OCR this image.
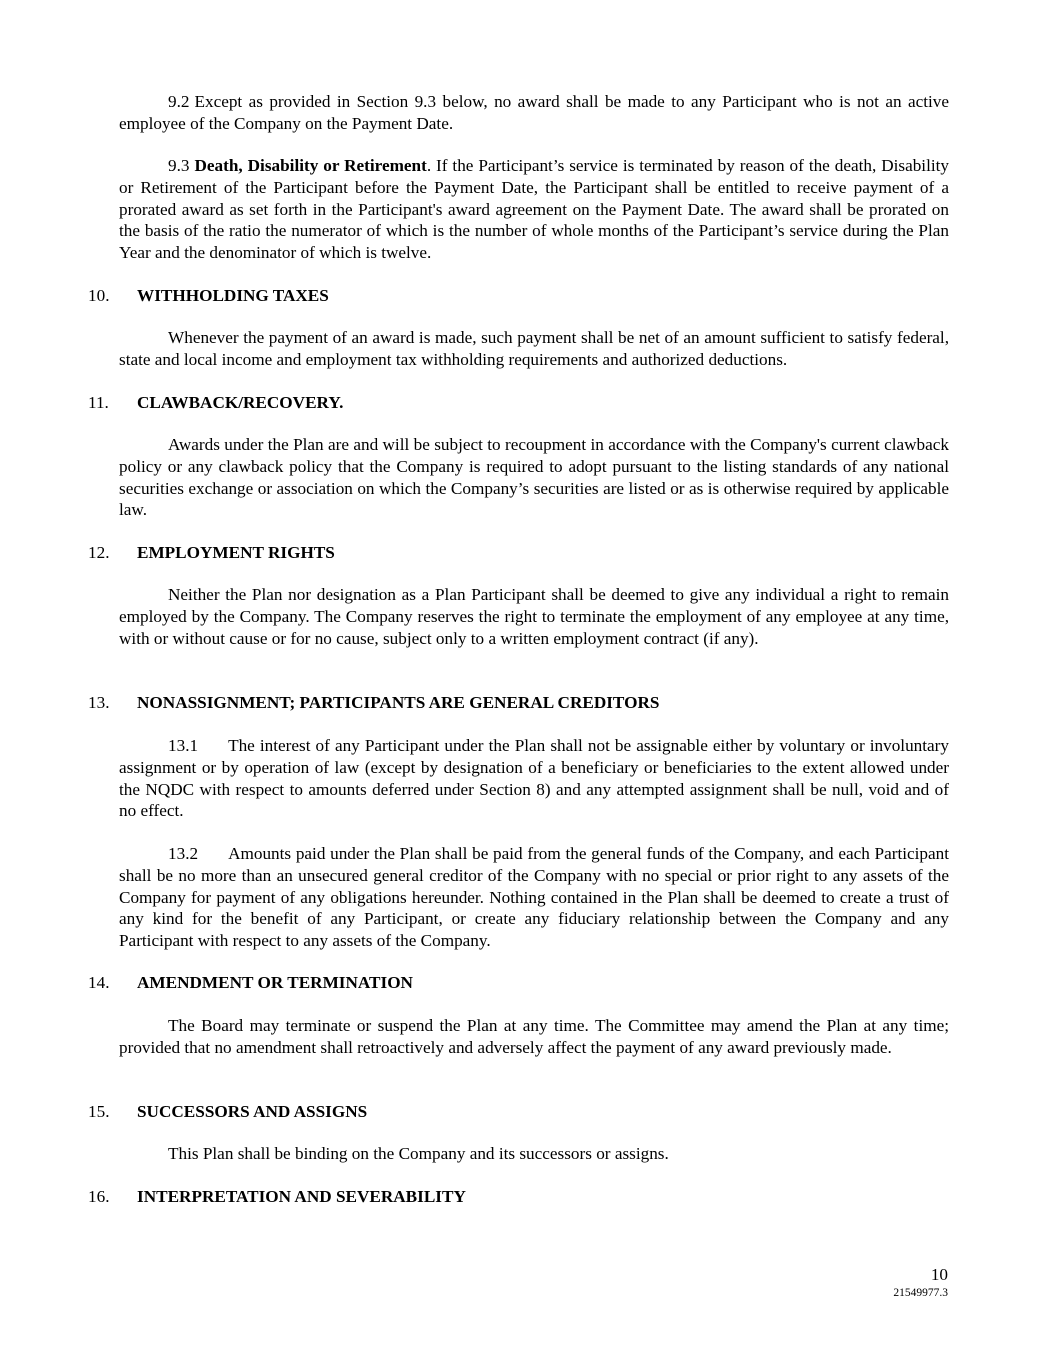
9.2 Except as provided in Section 9.3 below, no award shall be made to any Participant who is not an active employee of the Company on the Payment Date.

9.3 Death, Disability or Retirement. If the Participant’s service is terminated by reason of the death, Disability or Retirement of the Participant before the Payment Date, the Participant shall be entitled to receive payment of a prorated award as set forth in the Participant's award agreement on the Payment Date. The award shall be prorated on the basis of the ratio the numerator of which is the number of whole months of the Participant’s service during the Plan Year and the denominator of which is twelve.

10. WITHHOLDING TAXES

Whenever the payment of an award is made, such payment shall be net of an amount sufficient to satisfy federal, state and local income and employment tax withholding requirements and authorized deductions.

11. CLAWBACK/RECOVERY.

Awards under the Plan are and will be subject to recoupment in accordance with the Company's current clawback policy or any clawback policy that the Company is required to adopt pursuant to the listing standards of any national securities exchange or association on which the Company’s securities are listed or as is otherwise required by applicable law.

12. EMPLOYMENT RIGHTS

Neither the Plan nor designation as a Plan Participant shall be deemed to give any individual a right to remain employed by the Company. The Company reserves the right to terminate the employment of any employee at any time, with or without cause or for no cause, subject only to a written employment contract (if any).

13. NONASSIGNMENT; PARTICIPANTS ARE GENERAL CREDITORS

13.1 The interest of any Participant under the Plan shall not be assignable either by voluntary or involuntary assignment or by operation of law (except by designation of a beneficiary or beneficiaries to the extent allowed under the NQDC with respect to amounts deferred under Section 8) and any attempted assignment shall be null, void and of no effect.

13.2 Amounts paid under the Plan shall be paid from the general funds of the Company, and each Participant shall be no more than an unsecured general creditor of the Company with no special or prior right to any assets of the Company for payment of any obligations hereunder. Nothing contained in the Plan shall be deemed to create a trust of any kind for the benefit of any Participant, or create any fiduciary relationship between the Company and any Participant with respect to any assets of the Company.

14. AMENDMENT OR TERMINATION

The Board may terminate or suspend the Plan at any time. The Committee may amend the Plan at any time; provided that no amendment shall retroactively and adversely affect the payment of any award previously made.

15. SUCCESSORS AND ASSIGNS

This Plan shall be binding on the Company and its successors or assigns.

16. INTERPRETATION AND SEVERABILITY
10
21549977.3
